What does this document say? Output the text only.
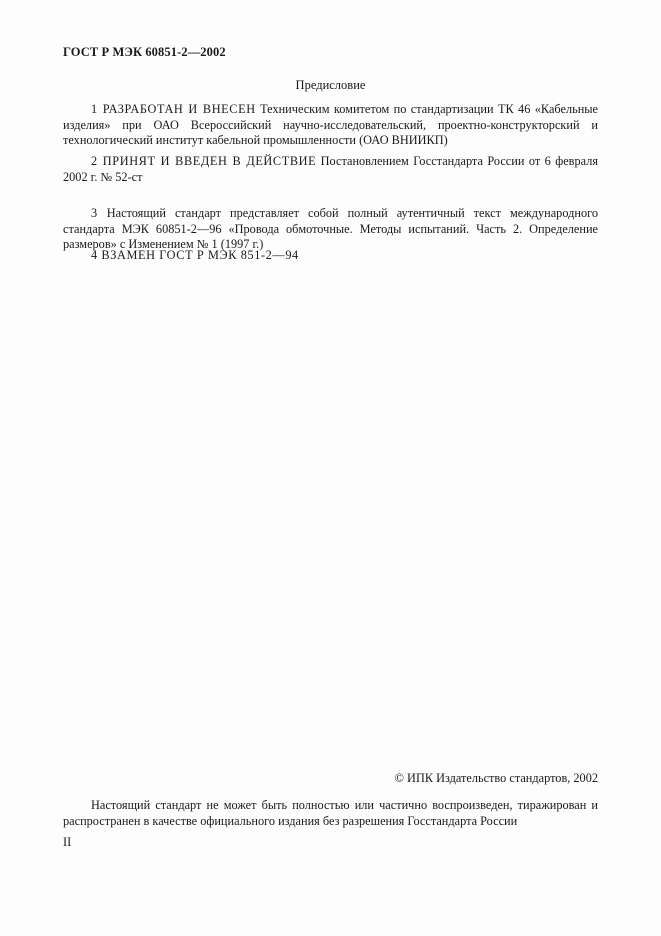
ГОСТ Р МЭК 60851-2—2002
Предисловие
1 РАЗРАБОТАН И ВНЕСЕН Техническим комитетом по стандартизации ТК 46 «Кабельные изделия» при ОАО Всероссийский научно-исследовательский, проектно-конструкторский и технологический институт кабельной промышленности (ОАО ВНИИКП)
2 ПРИНЯТ И ВВЕДЕН В ДЕЙСТВИЕ Постановлением Госстандарта России от 6 февраля 2002 г. № 52-ст
3 Настоящий стандарт представляет собой полный аутентичный текст международного стандарта МЭК 60851-2—96 «Провода обмоточные. Методы испытаний. Часть 2. Определение размеров» с Изменением № 1 (1997 г.)
4 ВЗАМЕН ГОСТ Р МЭК 851-2—94
© ИПК Издательство стандартов, 2002
Настоящий стандарт не может быть полностью или частично воспроизведен, тиражирован и распространен в качестве официального издания без разрешения Госстандарта России
II
